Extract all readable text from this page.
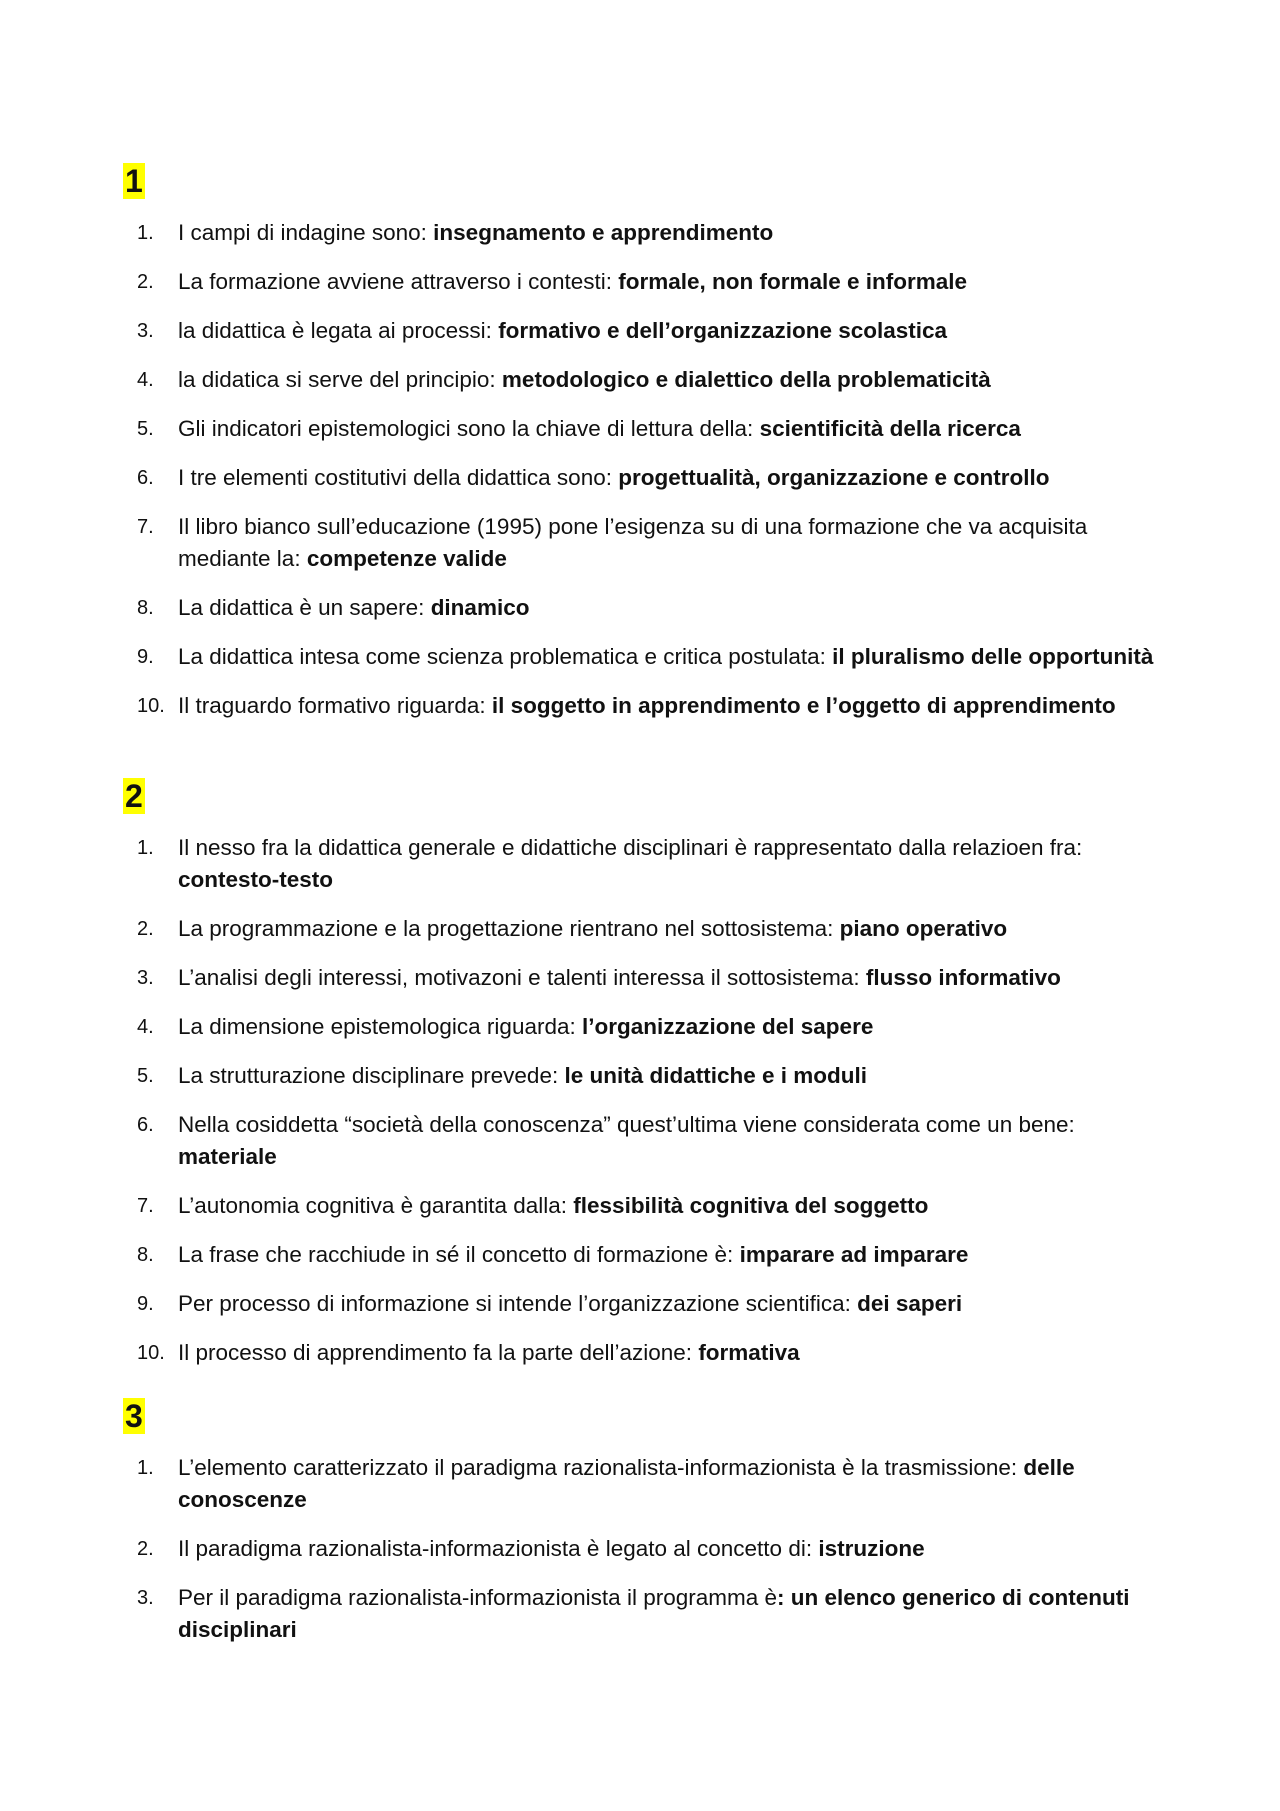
1
1. I campi di indagine sono: insegnamento e apprendimento
2. La formazione avviene attraverso i contesti: formale, non formale e informale
3. la didattica è legata ai processi: formativo e dell’organizzazione scolastica
4. la didatica si serve del principio: metodologico e dialettico della problematicità
5. Gli indicatori epistemologici sono la chiave di lettura della: scientificità della ricerca
6. I tre elementi costitutivi della didattica sono: progettualità, organizzazione e controllo
7. Il libro bianco sull’educazione (1995) pone l’esigenza su di una formazione che va acquisita mediante la: competenze valide
8. La didattica è un sapere: dinamico
9. La didattica intesa come scienza problematica e critica postulata: il pluralismo delle opportunità
10. Il traguardo formativo riguarda: il soggetto in apprendimento e l’oggetto di apprendimento
2
1. Il nesso fra la didattica generale e didattiche disciplinari è rappresentato dalla relazioen fra: contesto-testo
2. La programmazione e la progettazione rientrano nel sottosistema: piano operativo
3. L’analisi degli interessi, motivazoni e talenti interessa il sottosistema: flusso informativo
4. La dimensione epistemologica riguarda: l’organizzazione del sapere
5. La strutturazione disciplinare prevede: le unità didattiche e i moduli
6. Nella cosiddetta “società della conoscenza” quest’ultima viene considerata come un bene: materiale
7. L’autonomia cognitiva è garantita dalla: flessibilità cognitiva del soggetto
8. La frase che racchiude in sé il concetto di formazione è: imparare ad imparare
9. Per processo di informazione si intende l’organizzazione scientifica: dei saperi
10. Il processo di apprendimento fa la parte dell’azione: formativa
3
1. L’elemento caratterizzato il paradigma razionalista-informazionista è la trasmissione: delle conoscenze
2. Il paradigma razionalista-informazionista è legato al concetto di: istruzione
3. Per il paradigma razionalista-informazionista il programma è: un elenco generico di contenuti disciplinari
